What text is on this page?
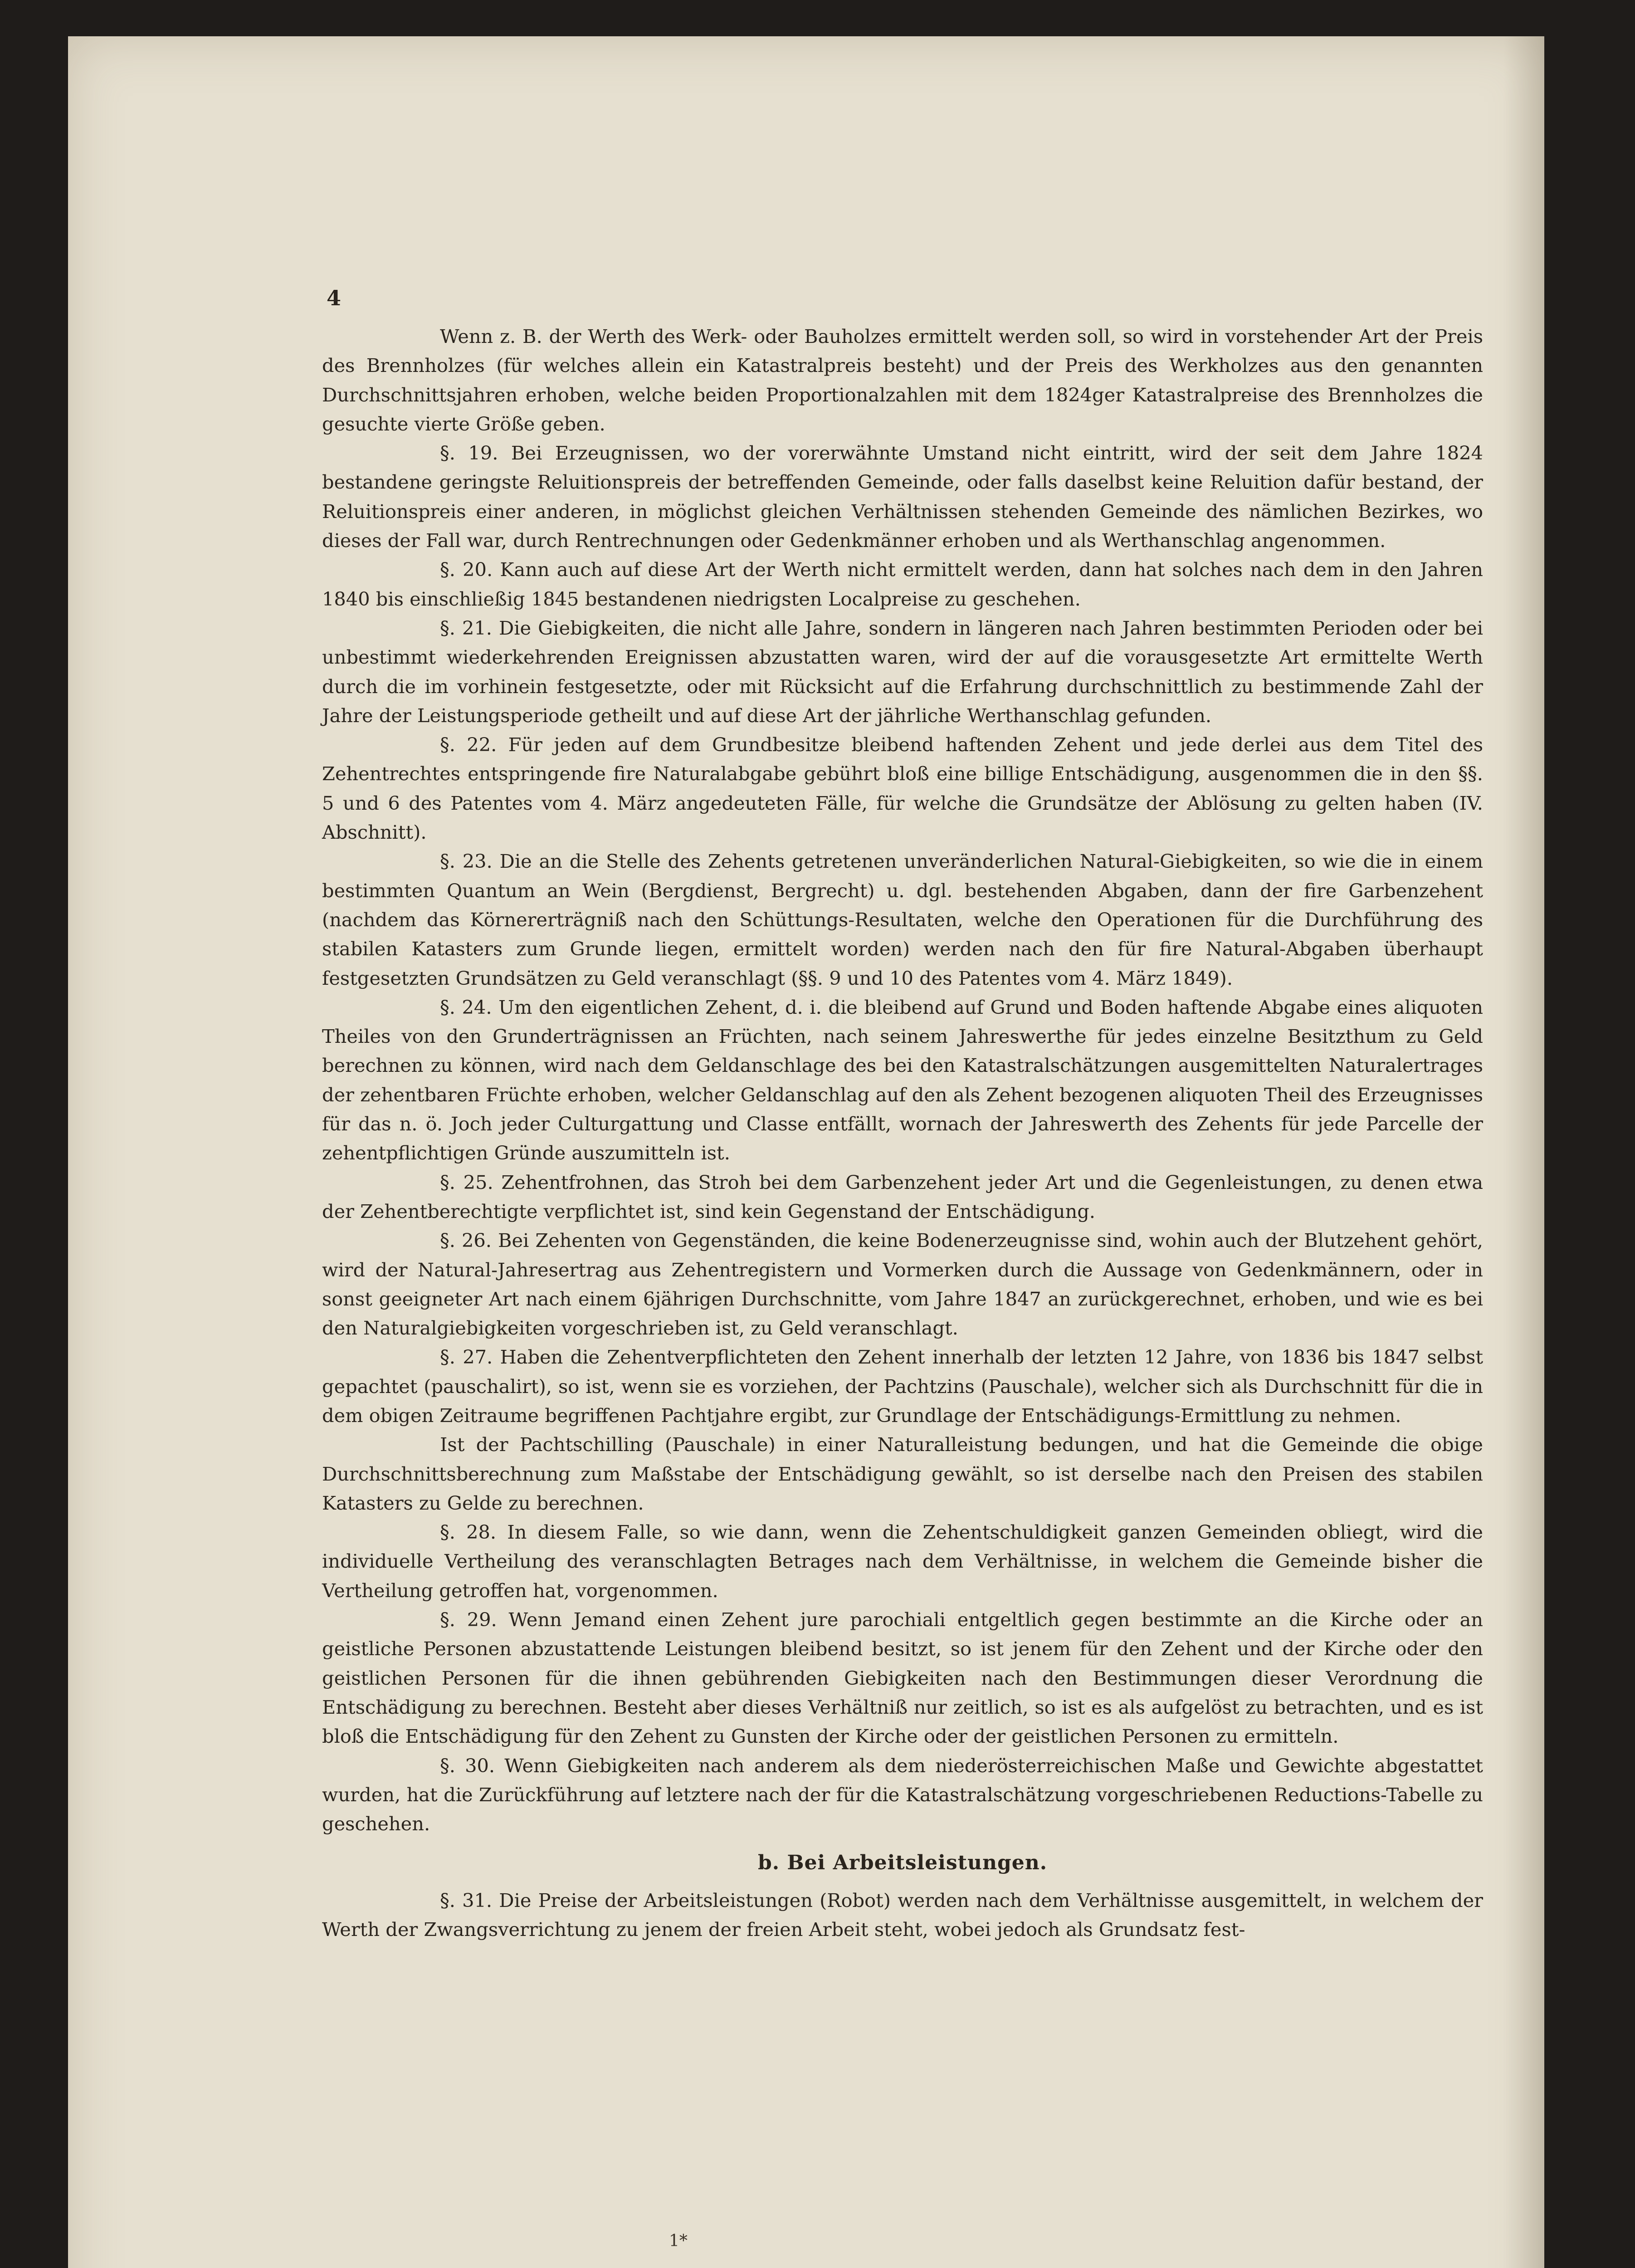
4

Wenn z. B. der Werth des Werk- oder Bauholzes ermittelt werden soll, so wird in vorstehender Art der Preis des Brennholzes (für welches allein ein Katastralpreis besteht) und der Preis des Werkholzes aus den genannten Durchschnittsjahren erhoben, welche beiden Proportionalzahlen mit dem 1824ger Katastralpreise des Brennholzes die gesuchte vierte Größe geben.

§. 19. Bei Erzeugnissen, wo der vorerwähnte Umstand nicht eintritt, wird der seit dem Jahre 1824 bestandene geringste Reluitionspreis der betreffenden Gemeinde, oder falls daselbst keine Reluition dafür bestand, der Reluitionspreis einer anderen, in möglichst gleichen Verhältnissen stehenden Gemeinde des nämlichen Bezirkes, wo dieses der Fall war, durch Rentrechnungen oder Gedenkmänner erhoben und als Werthanschlag angenommen.

§. 20. Kann auch auf diese Art der Werth nicht ermittelt werden, dann hat solches nach dem in den Jahren 1840 bis einschließig 1845 bestandenen niedrigsten Localpreise zu geschehen.

§. 21. Die Giebigkeiten, die nicht alle Jahre, sondern in längeren nach Jahren bestimmten Perioden oder bei unbestimmt wiederkehrenden Ereignissen abzustatten waren, wird der auf die vorausgesetzte Art ermittelte Werth durch die im vorhinein festgesetzte, oder mit Rücksicht auf die Erfahrung durchschnittlich zu bestimmende Zahl der Jahre der Leistungsperiode getheilt und auf diese Art der jährliche Werthanschlag gefunden.

§. 22. Für jeden auf dem Grundbesitze bleibend haftenden Zehent und jede derlei aus dem Titel des Zehentrechtes entspringende fire Naturalabgabe gebührt bloß eine billige Entschädigung, ausgenommen die in den §§. 5 und 6 des Patentes vom 4. März angedeuteten Fälle, für welche die Grundsätze der Ablösung zu gelten haben (IV. Abschnitt).

§. 23. Die an die Stelle des Zehents getretenen unveränderlichen Natural-Giebigkeiten, so wie die in einem bestimmten Quantum an Wein (Bergdienst, Bergrecht) u. dgl. bestehenden Abgaben, dann der fire Garbenzehent (nachdem das Körnererträgniß nach den Schüttungs-Resultaten, welche den Operationen für die Durchführung des stabilen Katasters zum Grunde liegen, ermittelt worden) werden nach den für fire Natural-Abgaben überhaupt festgesetzten Grundsätzen zu Geld veranschlagt (§§. 9 und 10 des Patentes vom 4. März 1849).

§. 24. Um den eigentlichen Zehent, d. i. die bleibend auf Grund und Boden haftende Abgabe eines aliquoten Theiles von den Grunderträgnissen an Früchten, nach seinem Jahreswerthe für jedes einzelne Besitzthum zu Geld berechnen zu können, wird nach dem Geldanschlage des bei den Katastralschätzungen ausgemittelten Naturalertrages der zehentbaren Früchte erhoben, welcher Geldanschlag auf den als Zehent bezogenen aliquoten Theil des Erzeugnisses für das n. ö. Joch jeder Culturgattung und Classe entfällt, wornach der Jahreswerth des Zehents für jede Parcelle der zehentpflichtigen Gründe auszumitteln ist.

§. 25. Zehentfrohnen, das Stroh bei dem Garbenzehent jeder Art und die Gegenleistungen, zu denen etwa der Zehentberechtigte verpflichtet ist, sind kein Gegenstand der Entschädigung.

§. 26. Bei Zehenten von Gegenständen, die keine Bodenerzeugnisse sind, wohin auch der Blutzehent gehört, wird der Natural-Jahresertrag aus Zehentregistern und Vormerken durch die Aussage von Gedenkmännern, oder in sonst geeigneter Art nach einem 6jährigen Durchschnitte, vom Jahre 1847 an zurückgerechnet, erhoben, und wie es bei den Naturalgiebigkeiten vorgeschrieben ist, zu Geld veranschlagt.

§. 27. Haben die Zehentverpflichteten den Zehent innerhalb der letzten 12 Jahre, von 1836 bis 1847 selbst gepachtet (pauschalirt), so ist, wenn sie es vorziehen, der Pachtzins (Pauschale), welcher sich als Durchschnitt für die in dem obigen Zeitraume begriffenen Pachtjahre ergibt, zur Grundlage der Entschädigungs-Ermittlung zu nehmen.

Ist der Pachtschilling (Pauschale) in einer Naturalleistung bedungen, und hat die Gemeinde die obige Durchschnittsberechnung zum Maßstabe der Entschädigung gewählt, so ist derselbe nach den Preisen des stabilen Katasters zu Gelde zu berechnen.

§. 28. In diesem Falle, so wie dann, wenn die Zehentschuldigkeit ganzen Gemeinden obliegt, wird die individuelle Vertheilung des veranschlagten Betrages nach dem Verhältnisse, in welchem die Gemeinde bisher die Vertheilung getroffen hat, vorgenommen.

§. 29. Wenn Jemand einen Zehent jure parochiali entgeltlich gegen bestimmte an die Kirche oder an geistliche Personen abzustattende Leistungen bleibend besitzt, so ist jenem für den Zehent und der Kirche oder den geistlichen Personen für die ihnen gebührenden Giebigkeiten nach den Bestimmungen dieser Verordnung die Entschädigung zu berechnen. Besteht aber dieses Verhältniß nur zeitlich, so ist es als aufgelöst zu betrachten, und es ist bloß die Entschädigung für den Zehent zu Gunsten der Kirche oder der geistlichen Personen zu ermitteln.

§. 30. Wenn Giebigkeiten nach anderem als dem niederösterreichischen Maße und Gewichte abgestattet wurden, hat die Zurückführung auf letztere nach der für die Katastralschätzung vorgeschriebenen Reductions-Tabelle zu geschehen.

b. Bei Arbeitsleistungen.

§. 31. Die Preise der Arbeitsleistungen (Robot) werden nach dem Verhältnisse ausgemittelt, in welchem der Werth der Zwangsverrichtung zu jenem der freien Arbeit steht, wobei jedoch als Grundsatz fest-

1*
